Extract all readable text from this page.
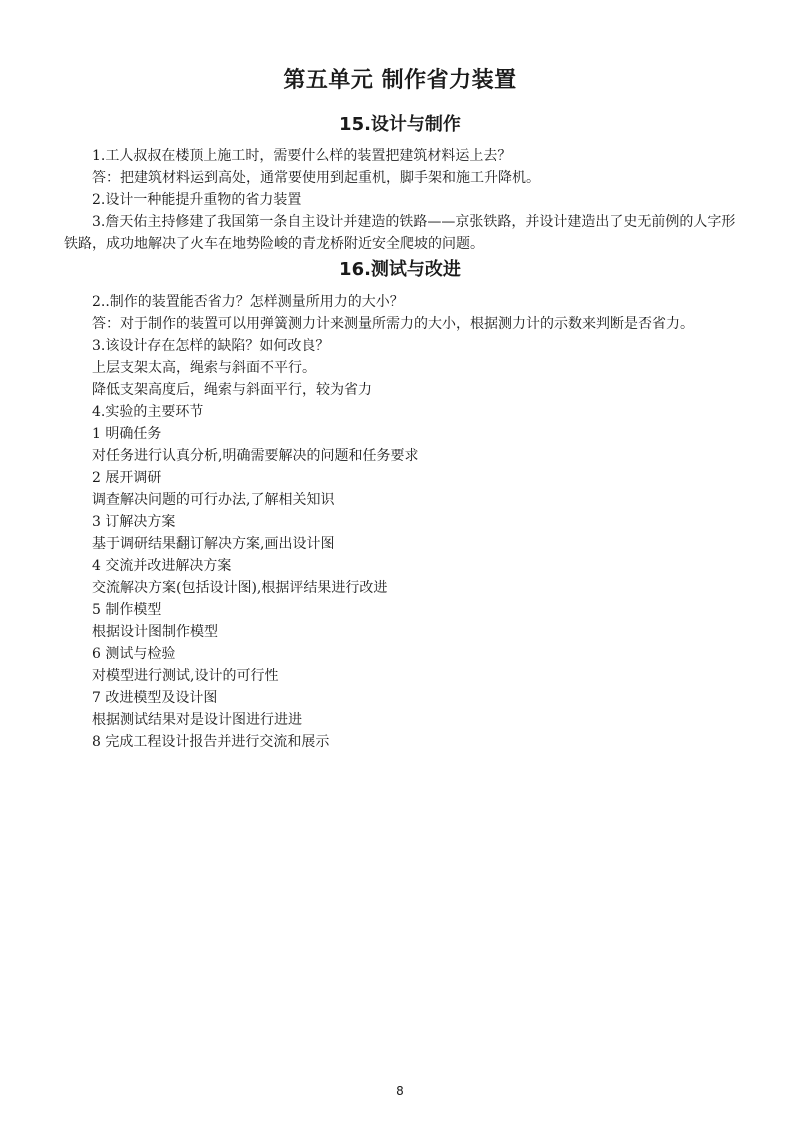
第五单元 制作省力装置
15.设计与制作

1.工人叔叔在楼顶上施工时，需要什么样的装置把建筑材料运上去？

答：把建筑材料运到高处，通常要使用到起重机，脚手架和施工升降机。

2.设计一种能提升重物的省力装置

3.詹天佑主持修建了我国第一条自主设计并建造的铁路——京张铁路，并设计建造出了史无前例的人字形铁路，成功地解决了火车在地势险峻的青龙桥附近安全爬坡的问题。

16.测试与改进

2..制作的装置能否省力？怎样测量所用力的大小？

答：对于制作的装置可以用弹簧测力计来测量所需力的大小，根据测力计的示数来判断是否省力。

3.该设计存在怎样的缺陷？如何改良？

上层支架太高，绳索与斜面不平行。

降低支架高度后，绳索与斜面平行，较为省力

4.实验的主要环节

1 明确任务

对任务进行认真分析,明确需要解决的问题和任务要求

2 展开调研

调查解决问题的可行办法,了解相关知识

3 订解决方案

基于调研结果翻订解决方案,画出设计图

4 交流并改进解决方案

交流解决方案(包括设计图),根据评结果进行改进

5 制作模型

根据设计图制作模型

6 测试与检验

对模型进行测试,设计的可行性

7 改进模型及设计图

根据测试结果对是设计图进行进进

8 完成工程设计报告并进行交流和展示

8
